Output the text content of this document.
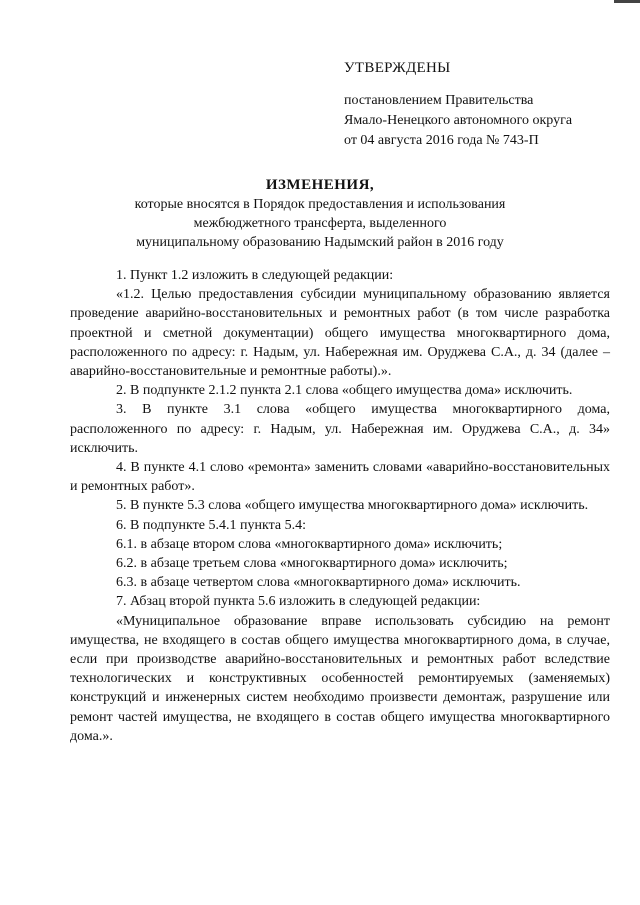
УТВЕРЖДЕНЫ
постановлением Правительства
Ямало-Ненецкого автономного округа
от 04 августа 2016 года № 743-П
ИЗМЕНЕНИЯ,
которые вносятся в Порядок предоставления и использования
межбюджетного трансферта, выделенного
муниципальному образованию Надымский район в 2016 году

1. Пункт 1.2 изложить в следующей редакции:

«1.2. Целью предоставления субсидии муниципальному образованию является проведение аварийно-восстановительных и ремонтных работ (в том числе разработка проектной и сметной документации) общего имущества многоквартирного дома, расположенного по адресу: г. Надым, ул. Набережная им. Оруджева С.А., д. 34 (далее – аварийно-восстановительные и ремонтные работы).».

2. В подпункте 2.1.2 пункта 2.1 слова «общего имущества дома» исключить.

3. В пункте 3.1 слова «общего имущества многоквартирного дома, расположенного по адресу: г. Надым, ул. Набережная им. Оруджева С.А., д. 34» исключить.

4. В пункте 4.1 слово «ремонта» заменить словами «аварийно-восстановительных и ремонтных работ».

5. В пункте 5.3 слова «общего имущества многоквартирного дома» исключить.

6. В подпункте 5.4.1 пункта 5.4:

6.1. в абзаце втором слова «многоквартирного дома» исключить;

6.2. в абзаце третьем слова «многоквартирного дома» исключить;

6.3. в абзаце четвертом слова «многоквартирного дома» исключить.

7. Абзац второй пункта 5.6 изложить в следующей редакции:

«Муниципальное образование вправе использовать субсидию на ремонт имущества, не входящего в состав общего имущества многоквартирного дома, в случае, если при производстве аварийно-восстановительных и ремонтных работ вследствие технологических и конструктивных особенностей ремонтируемых (заменяемых) конструкций и инженерных систем необходимо произвести демонтаж, разрушение или ремонт частей имущества, не входящего в состав общего имущества многоквартирного дома.».
